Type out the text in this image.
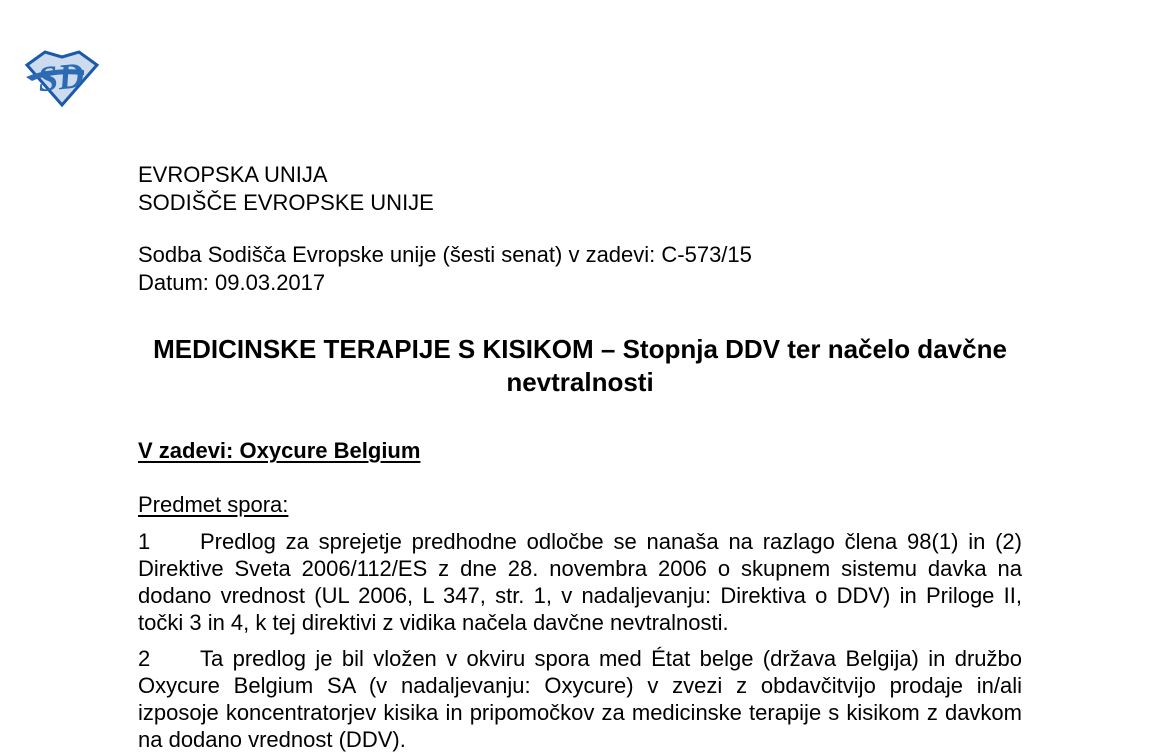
SD
EVROPSKA UNIJA
SODIŠČE EVROPSKE UNIJE
Sodba Sodišča Evropske unije (šesti senat) v zadevi: C-573/15
Datum: 09.03.2017
MEDICINSKE TERAPIJE S KISIKOM – Stopnja DDV ter načelo davčne nevtralnosti
V zadevi: Oxycure Belgium
Predmet spora:
1 Predlog za sprejetje predhodne odločbe se nanaša na razlago člena 98(1) in (2) Direktive Sveta 2006/112/ES z dne 28. novembra 2006 o skupnem sistemu davka na dodano vrednost (UL 2006, L 347, str. 1, v nadaljevanju: Direktiva o DDV) in Priloge II, točki 3 in 4, k tej direktivi z vidika načela davčne nevtralnosti.
2 Ta predlog je bil vložen v okviru spora med État belge (država Belgija) in družbo Oxycure Belgium SA (v nadaljevanju: Oxycure) v zvezi z obdavčitvijo prodaje in/ali izposoje koncentratorjev kisika in pripomočkov za medicinske terapije s kisikom z davkom na dodano vrednost (DDV).
